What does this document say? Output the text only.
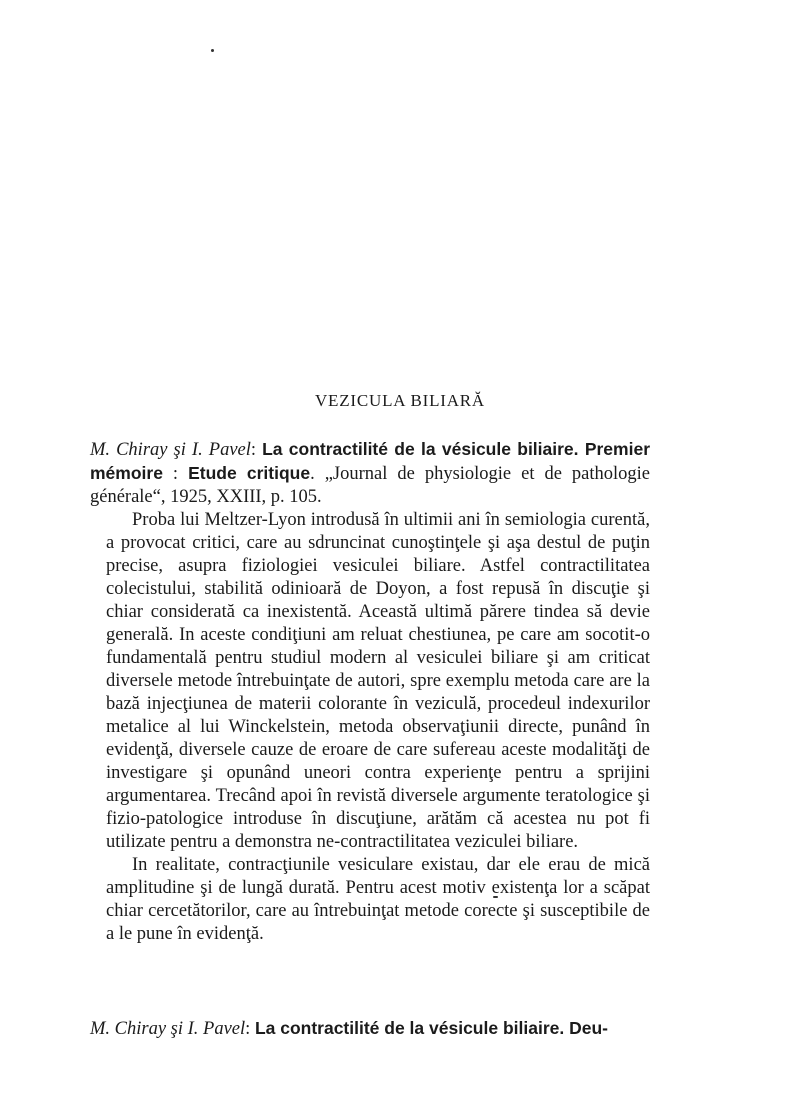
VEZICULA BILIARĂ

M. Chiray şi I. Pavel: La contractilité de la vésicule biliaire. Premier mémoire : Etude critique. „Journal de physiologie et de pathologie générale“, 1925, XXIII, p. 105.

Proba lui Meltzer-Lyon introdusă în ultimii ani în semiologia curentă, a provocat critici, care au sdruncinat cunoştinţele şi aşa destul de puţin precise, asupra fiziologiei vesiculei biliare. Astfel contractilitatea colecistului, stabilită odinioară de Doyon, a fost repusă în discuţie şi chiar considerată ca inexistentă. Această ultimă părere tindea să devie generală. In aceste condiţiuni am reluat chestiunea, pe care am socotit-o fundamentală pentru studiul modern al vesiculei biliare şi am criticat diversele metode întrebuinţate de autori, spre exemplu metoda care are la bază injecţiunea de materii colorante în veziculă, procedeul indexurilor metalice al lui Winckelstein, metoda observaţiunii directe, punând în evidenţă, diversele cauze de eroare de care sufereau aceste modalităţi de investigare şi opunând uneori contra experienţe pentru a sprijini argumentarea. Trecând apoi în revistă diversele argumente teratologice şi fizio-patologice introduse în discuţiune, arătăm că acestea nu pot fi utilizate pentru a demonstra ne-contractilitatea veziculei biliare.

In realitate, contracţiunile vesiculare existau, dar ele erau de mică amplitudine şi de lungă durată. Pentru acest motiv existenţa lor a scăpat chiar cercetătorilor, care au întrebuinţat metode corecte şi susceptibile de a le pune în evidenţă.

M. Chiray şi I. Pavel: La contractilité de la vésicule biliaire. Deu-
